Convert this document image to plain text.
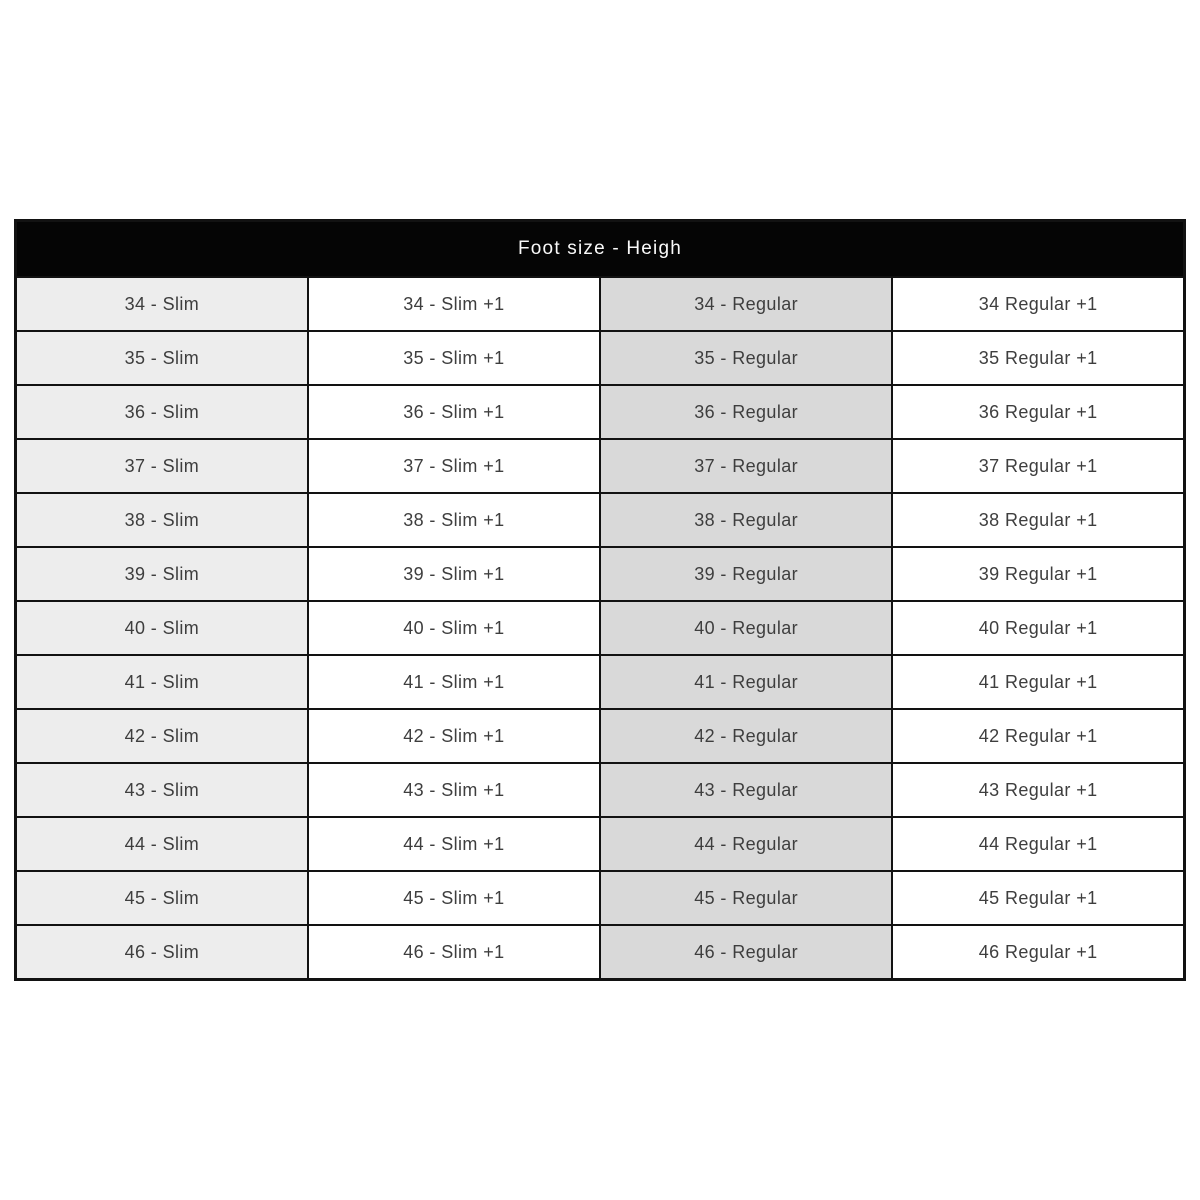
Foot size - Heigh			
34 - Slim	34 - Slim +1	34 - Regular	34 Regular +1
35 - Slim	35 - Slim +1	35 - Regular	35 Regular +1
36 - Slim	36 - Slim +1	36 - Regular	36 Regular +1
37 - Slim	37 - Slim +1	37 - Regular	37 Regular +1
38 - Slim	38 - Slim +1	38 - Regular	38 Regular +1
39 - Slim	39 - Slim +1	39 - Regular	39 Regular +1
40 - Slim	40 - Slim +1	40 - Regular	40 Regular +1
41 - Slim	41 - Slim +1	41 - Regular	41 Regular +1
42 - Slim	42 - Slim +1	42 - Regular	42 Regular +1
43 - Slim	43 - Slim +1	43 - Regular	43 Regular +1
44 - Slim	44 - Slim +1	44 - Regular	44 Regular +1
45 - Slim	45 - Slim +1	45 - Regular	45 Regular +1
46 - Slim	46 - Slim +1	46 - Regular	46 Regular +1
